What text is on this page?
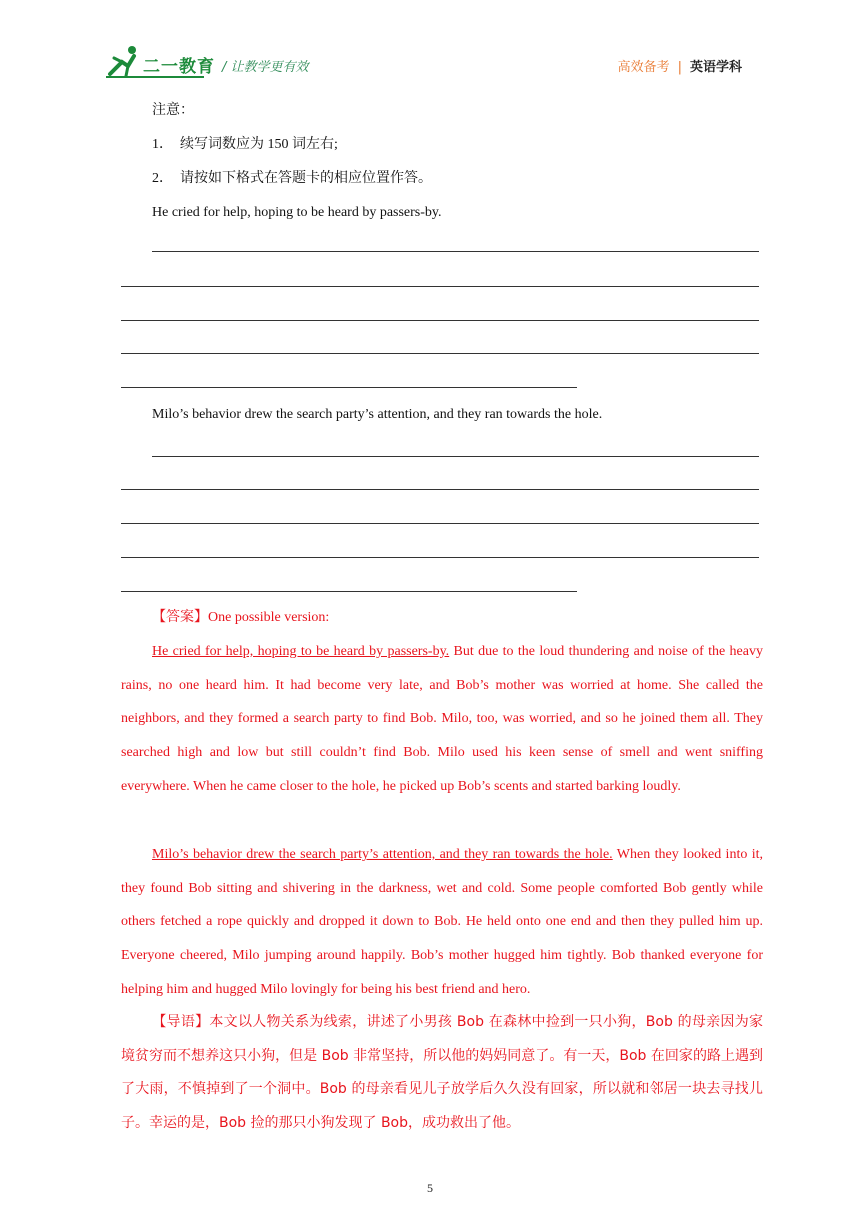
二一教育 / 让教学更有效	高效备考 | 英语学科
注意：
1． 续写词数应为 150 词左右;
2． 请按如下格式在答题卡的相应位置作答。
He cried for help, hoping to be heard by passers-by.
Milo’s behavior drew the search party’s attention, and they ran towards the hole.
【答案】One possible version:
He cried for help, hoping to be heard by passers-by. But due to the loud thundering and noise of the heavy rains, no one heard him. It had become very late, and Bob’s mother was worried at home. She called the neighbors, and they formed a search party to find Bob. Milo, too, was worried, and so he joined them all. They searched high and low but still couldn’t find Bob. Milo used his keen sense of smell and went sniffing everywhere. When he came closer to the hole, he picked up Bob’s scents and started barking loudly.
Milo’s behavior drew the search party’s attention, and they ran towards the hole. When they looked into it, they found Bob sitting and shivering in the darkness, wet and cold. Some people comforted Bob gently while others fetched a rope quickly and dropped it down to Bob. He held onto one end and then they pulled him up. Everyone cheered, Milo jumping around happily. Bob’s mother hugged him tightly. Bob thanked everyone for helping him and hugged Milo lovingly for being his best friend and hero.
【导语】本文以人物关系为线索，讲述了小男孩 Bob 在森林中捡到一只小狗，Bob 的母亲因为家境贫穷而不想养这只小狗，但是 Bob 非常坚持，所以他的妈妈同意了。有一天，Bob 在回家的路上遇到了大雨，不慎掉到了一个洞中。Bob 的母亲看见儿子放学后久久没有回家，所以就和邻居一块去寻找儿子。幸运的是，Bob 捡的那只小狗发现了 Bob，成功救出了他。
5
